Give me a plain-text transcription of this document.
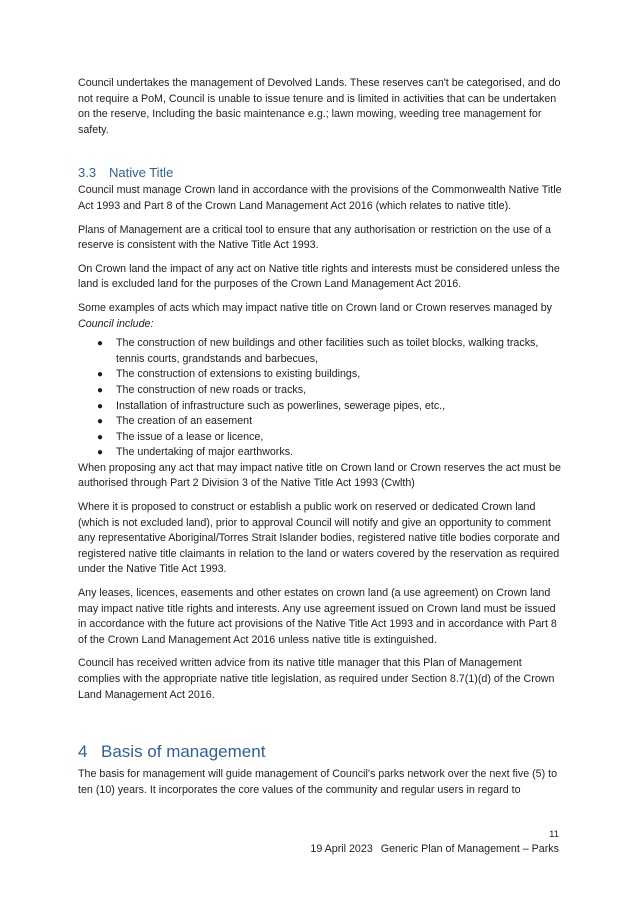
Council undertakes the management of Devolved Lands. These reserves can't be categorised, and do not require a PoM, Council is unable to issue tenure and is limited in activities that can be undertaken on the reserve, Including the basic maintenance e.g.; lawn mowing, weeding tree management for safety.

3.3 Native Title

Council must manage Crown land in accordance with the provisions of the Commonwealth Native Title Act 1993 and Part 8 of the Crown Land Management Act 2016 (which relates to native title).

Plans of Management are a critical tool to ensure that any authorisation or restriction on the use of a reserve is consistent with the Native Title Act 1993.

On Crown land the impact of any act on Native title rights and interests must be considered unless the land is excluded land for the purposes of the Crown Land Management Act 2016.

Some examples of acts which may impact native title on Crown land or Crown reserves managed by Council include:

● The construction of new buildings and other facilities such as toilet blocks, walking tracks, tennis courts, grandstands and barbecues,
● The construction of extensions to existing buildings,
● The construction of new roads or tracks,
● Installation of infrastructure such as powerlines, sewerage pipes, etc.,
● The creation of an easement
● The issue of a lease or licence,
● The undertaking of major earthworks.

When proposing any act that may impact native title on Crown land or Crown reserves the act must be authorised through Part 2 Division 3 of the Native Title Act 1993 (Cwlth)

Where it is proposed to construct or establish a public work on reserved or dedicated Crown land (which is not excluded land), prior to approval Council will notify and give an opportunity to comment any representative Aboriginal/Torres Strait Islander bodies, registered native title bodies corporate and registered native title claimants in relation to the land or waters covered by the reservation as required under the Native Title Act 1993.

Any leases, licences, easements and other estates on crown land (a use agreement) on Crown land may impact native title rights and interests. Any use agreement issued on Crown land must be issued in accordance with the future act provisions of the Native Title Act 1993 and in accordance with Part 8 of the Crown Land Management Act 2016 unless native title is extinguished.

Council has received written advice from its native title manager that this Plan of Management complies with the appropriate native title legislation, as required under Section 8.7(1)(d) of the Crown Land Management Act 2016.

4 Basis of management

The basis for management will guide management of Council's parks network over the next five (5) to ten (10) years. It incorporates the core values of the community and regular users in regard to

11
19 April 2023 Generic Plan of Management – Parks
